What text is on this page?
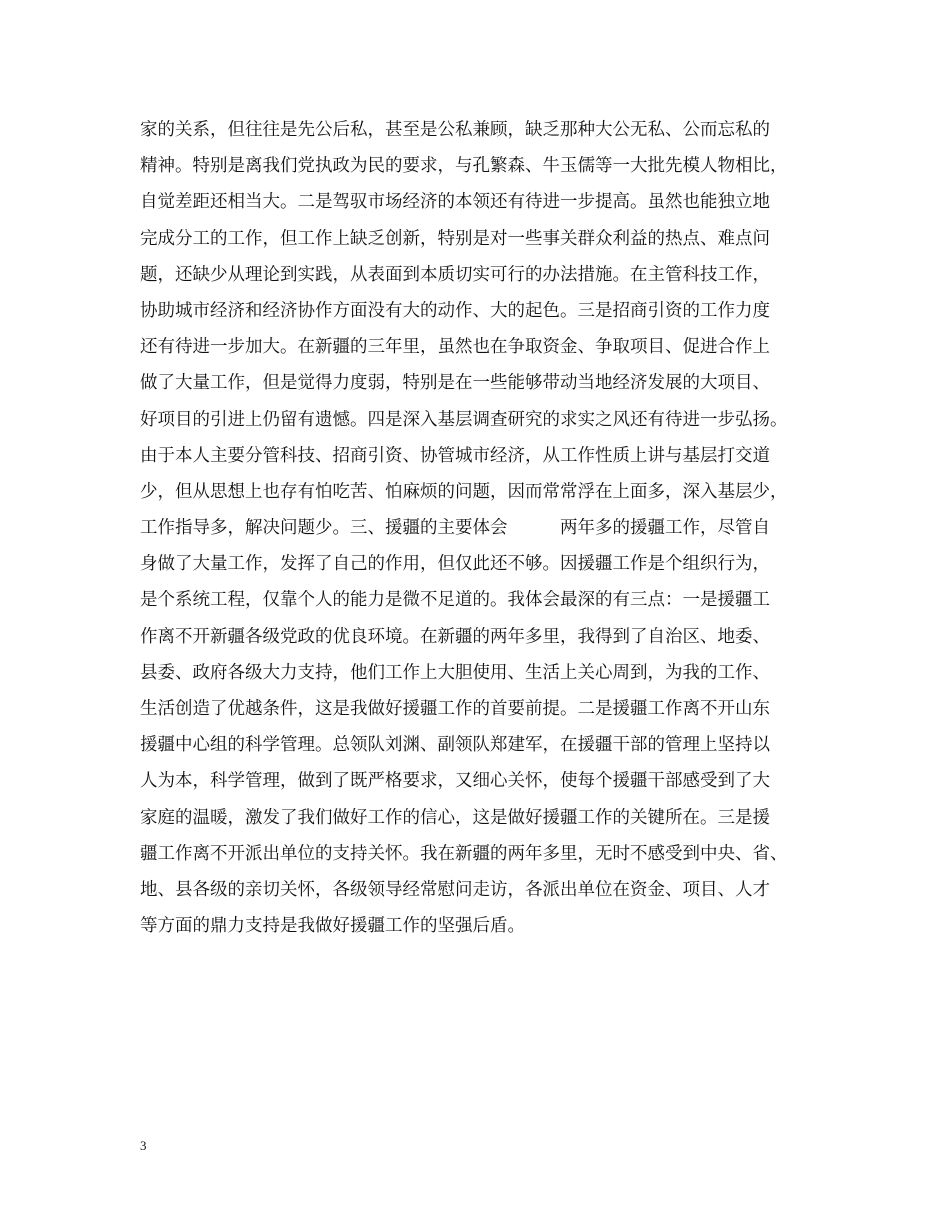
家的关系，但往往是先公后私，甚至是公私兼顾，缺乏那种大公无私、公而忘私的
精神。特别是离我们党执政为民的要求，与孔繁森、牛玉儒等一大批先模人物相比，
自觉差距还相当大。二是驾驭市场经济的本领还有待进一步提高。虽然也能独立地
完成分工的工作，但工作上缺乏创新，特别是对一些事关群众利益的热点、难点问
题，还缺少从理论到实践，从表面到本质切实可行的办法措施。在主管科技工作，
协助城市经济和经济协作方面没有大的动作、大的起色。三是招商引资的工作力度
还有待进一步加大。在新疆的三年里，虽然也在争取资金、争取项目、促进合作上
做了大量工作，但是觉得力度弱，特别是在一些能够带动当地经济发展的大项目、
好项目的引进上仍留有遗憾。四是深入基层调查研究的求实之风还有待进一步弘扬。
由于本人主要分管科技、招商引资、协管城市经济，从工作性质上讲与基层打交道
少，但从思想上也存有怕吃苦、怕麻烦的问题，因而常常浮在上面多，深入基层少，
工作指导多，解决问题少。三、援疆的主要体会　　　两年多的援疆工作，尽管自
身做了大量工作，发挥了自己的作用，但仅此还不够。因援疆工作是个组织行为，
是个系统工程，仅靠个人的能力是微不足道的。我体会最深的有三点：一是援疆工
作离不开新疆各级党政的优良环境。在新疆的两年多里，我得到了自治区、地委、
县委、政府各级大力支持，他们工作上大胆使用、生活上关心周到，为我的工作、
生活创造了优越条件，这是我做好援疆工作的首要前提。二是援疆工作离不开山东
援疆中心组的科学管理。总领队刘渊、副领队郑建军，在援疆干部的管理上坚持以
人为本，科学管理，做到了既严格要求，又细心关怀，使每个援疆干部感受到了大
家庭的温暖，激发了我们做好工作的信心，这是做好援疆工作的关键所在。三是援
疆工作离不开派出单位的支持关怀。我在新疆的两年多里，无时不感受到中央、省、
地、县各级的亲切关怀，各级领导经常慰问走访，各派出单位在资金、项目、人才
等方面的鼎力支持是我做好援疆工作的坚强后盾。
3
